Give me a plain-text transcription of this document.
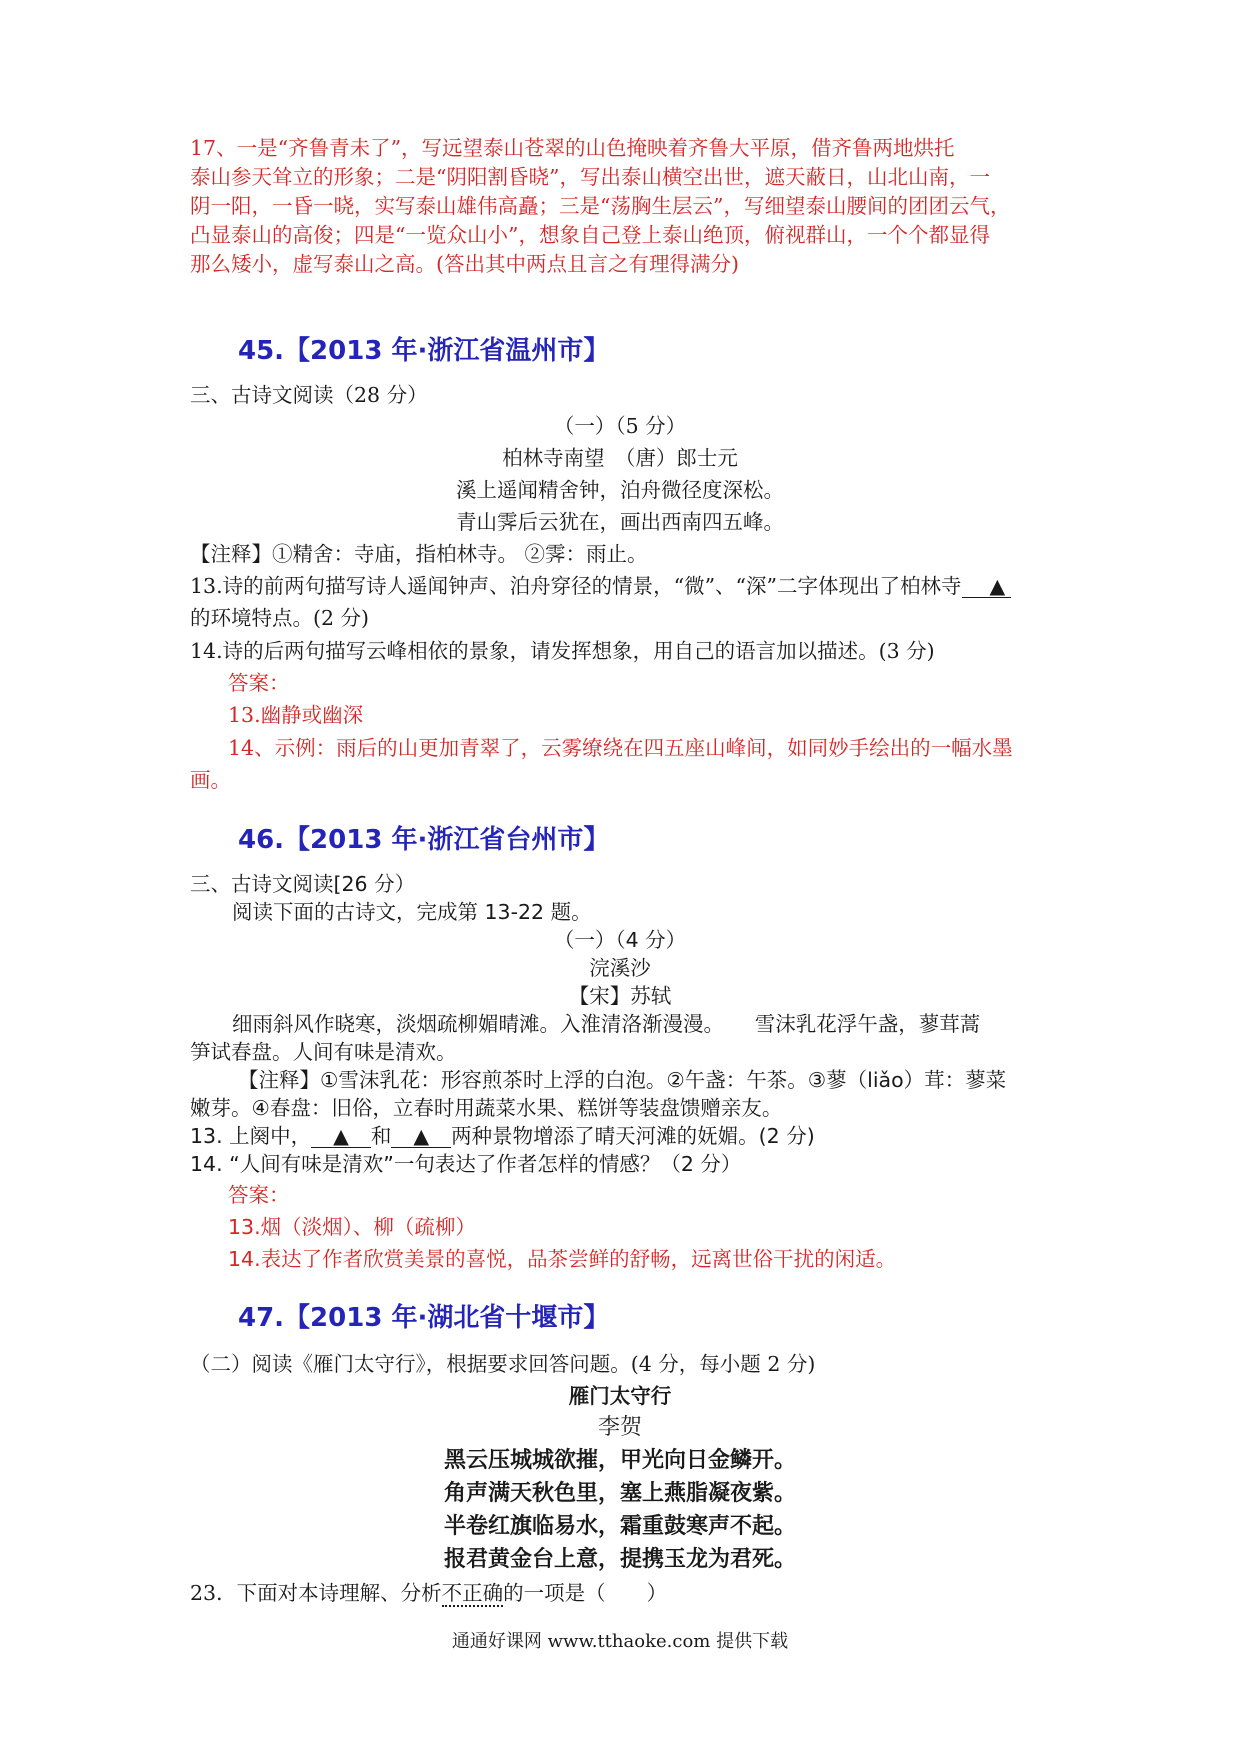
17、一是“齐鲁青未了”，写远望泰山苍翠的山色掩映着齐鲁大平原，借齐鲁两地烘托
泰山参天耸立的形象；二是“阴阳割昏晓”，写出泰山横空出世，遮天蔽日，山北山南，一
阴一阳，一昏一晓，实写泰山雄伟高矗；三是“荡胸生层云”，写细望泰山腰间的团团云气，
凸显泰山的高俊；四是“一览众山小”，想象自己登上泰山绝顶，俯视群山，一个个都显得
那么矮小，虚写泰山之高。(答出其中两点且言之有理得满分)
45.【2013 年·浙江省温州市】
三、古诗文阅读（28 分）
（一）（5 分）
柏林寺南望　（唐）郎士元
溪上遥闻精舍钟，泊舟微径度深松。
青山霁后云犹在，画出西南四五峰。
【注释】①精舍：寺庙，指柏林寺。 ②霁：雨止。
13.诗的前两句描写诗人遥闻钟声、泊舟穿径的情景，“微”、“深”二字体现出了柏林寺 ▲
的环境特点。(2 分)
14.诗的后两句描写云峰相依的景象，请发挥想象，用自己的语言加以描述。(3 分)
答案：
13.幽静或幽深
14、示例：雨后的山更加青翠了，云雾缭绕在四五座山峰间，如同妙手绘出的一幅水墨
画。
46.【2013 年·浙江省台州市】
三、古诗文阅读[26 分）
阅读下面的古诗文，完成第 13-22 题。
（一）（4 分）
浣溪沙
【宋】苏轼
细雨斜风作晓寒，淡烟疏柳媚晴滩。入淮清洛渐漫漫。　　雪沫乳花浮午盏，蓼茸蒿
笋试春盘。人间有味是清欢。
【注释】①雪沫乳花：形容煎茶时上浮的白泡。②午盏：午茶。③蓼（liǎo）茸：蓼菜
嫩芽。④春盘：旧俗，立春时用蔬菜水果、糕饼等装盘馈赠亲友。
13. 上阕中， ▲ 和 ▲ 两种景物增添了晴天河滩的妩媚。(2 分)
14. “人间有味是清欢”一句表达了作者怎样的情感？（2 分）
答案：
13.烟（淡烟）、柳（疏柳）
14.表达了作者欣赏美景的喜悦，品茶尝鲜的舒畅，远离世俗干扰的闲适。
47.【2013 年·湖北省十堰市】
（二）阅读《雁门太守行》，根据要求回答问题。(4 分，每小题 2 分)
雁门太守行
李贺
黑云压城城欲摧，甲光向日金鳞开。
角声满天秋色里，塞上燕脂凝夜紫。
半卷红旗临易水，霜重鼓寒声不起。
报君黄金台上意，提携玉龙为君死。
23．下面对本诗理解、分析不正确的一项是（　　）
通通好课网 www.tthaoke.com 提供下载
